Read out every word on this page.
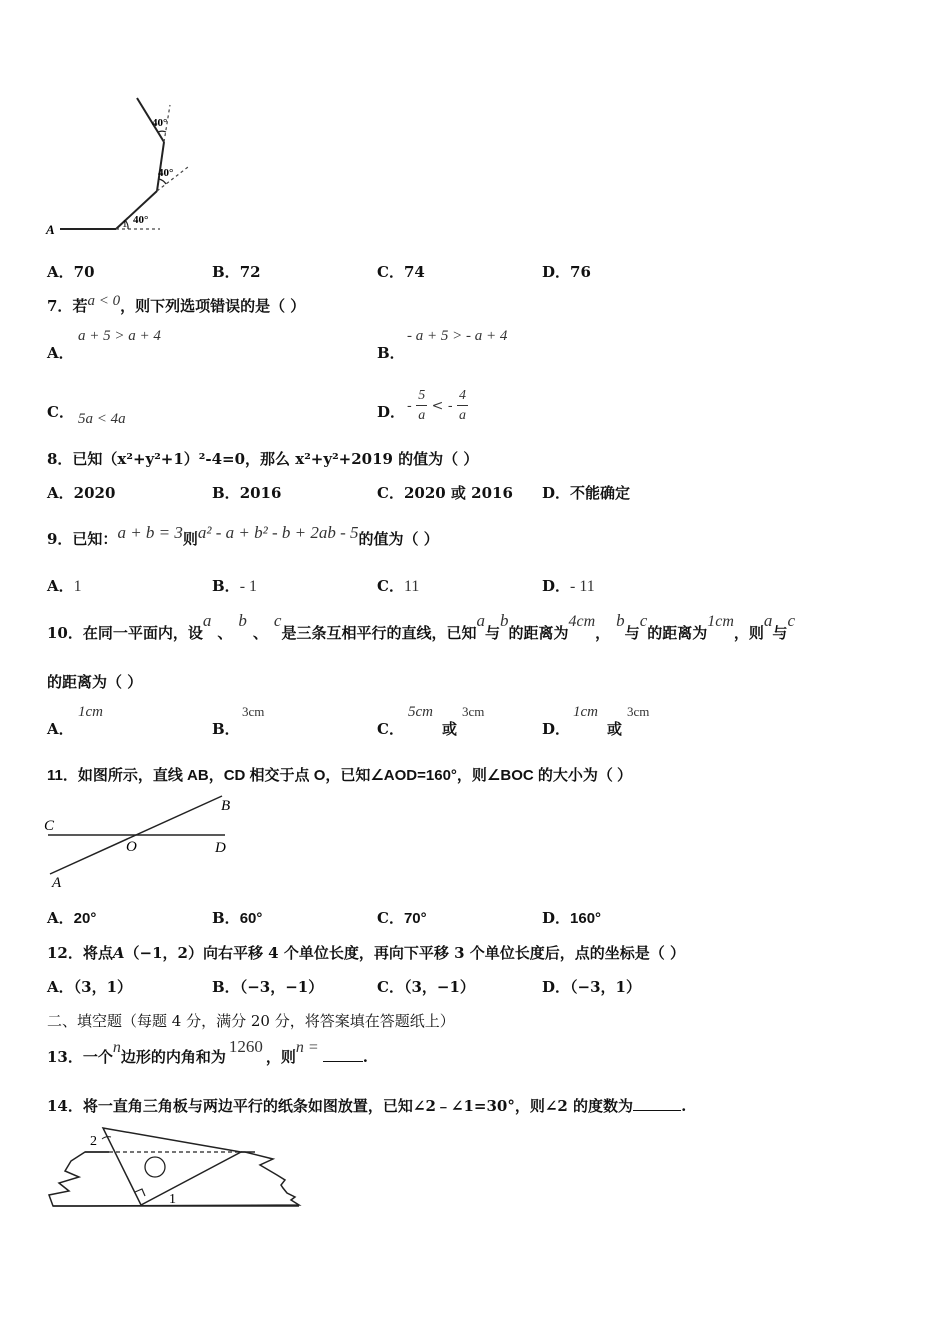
A	1 40°
40°
40°
A．70	B．72	C．74	D．76
7．若a < 0，则下列选项错误的是（ ）
A．
a + 5 > a + 4
B．
- a + 5 > - a + 4
C． 5a < 4a	D． - $\frac{5}{a}$ < - $\frac{4}{a}$
8．已知（x²+y²+1）²-4=0，那么 x²+y²+2019 的值为（ ）
A．2020	B．2016	C．2020 或 2016 D．不能确定
9．已知：a + b = 3则a² - a + b² - b + 2ab - 5的值为（ ）
A．1	B．- 1	C．11	D．- 11
10．在同一平面内，设a、b、c是三条互相平行的直线，已知a与b的距离为4cm，b与c的距离为1cm，则a与c
的距离为（ ）
A．
1cm
B．
3cm
C．
5cm
或
3cm
D．
1cm
或
3cm
11．如图所示，直线 AB，CD 相交于点 O，已知∠AOD=160°，则∠BOC 的大小为（ ）
C
B
O	D
A
A．20°	B．60°	C．70°	D．160°
12．将点A（−1，2）向右平移 4 个单位长度，再向下平移 3 个单位长度后，点的坐标是（ ）
A．（3，1）	B．（−3，−1）	C．（3，−1）	D．（−3，1）
二、填空题（每题 4 分，满分 20 分，将答案填在答题纸上）
13．一个n边形的内角和为1260，则n =.
14．将一直角三角板与两边平行的纸条如图放置，已知∠2﹣∠1=30°，则∠2 的度数为	.
2
1
